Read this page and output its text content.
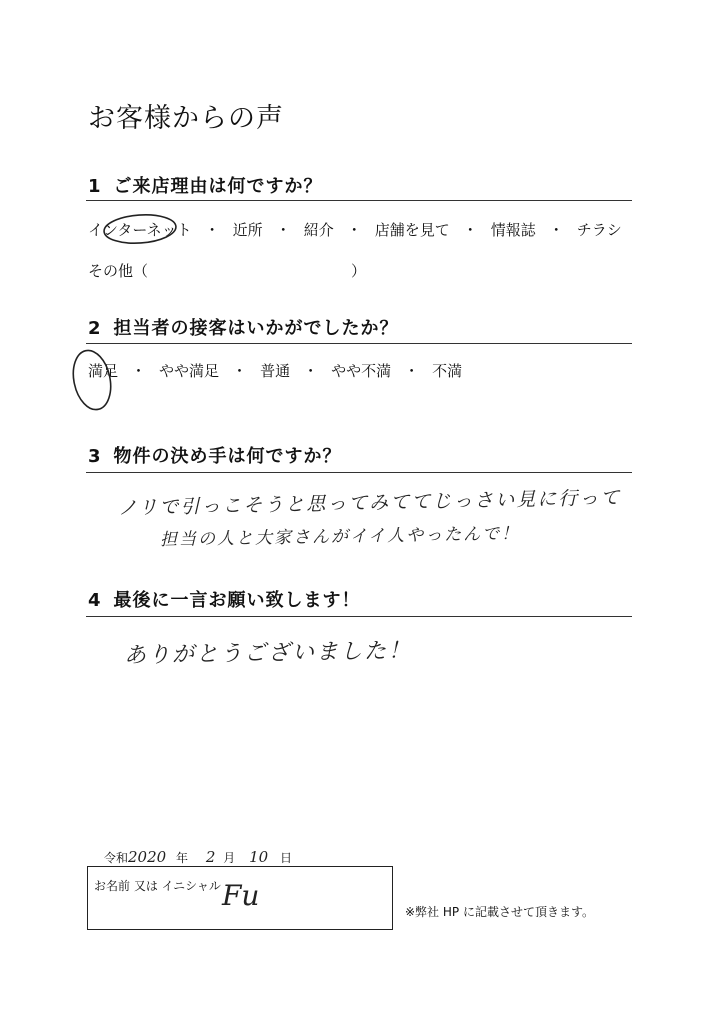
お客様からの声
1 ご来店理由は何ですか？
インターネット ・ 近所 ・ 紹介 ・ 店舗を見て ・ 情報誌 ・ チラシ
その他（	）
2 担当者の接客はいかがでしたか？
満足 ・ やや満足 ・ 普通 ・ やや不満 ・ 不満
3 物件の決め手は何ですか？
ノリで引っこそうと思ってみててじっさい見に行って
担当の人と大家さんがイイ人やったんで！
4 最後に一言お願い致します！
ありがとうございました！
令和2020 年 2 月 10 日
お名前 又は イニシャル Fu	※弊社 HP に記載させて頂きます。
